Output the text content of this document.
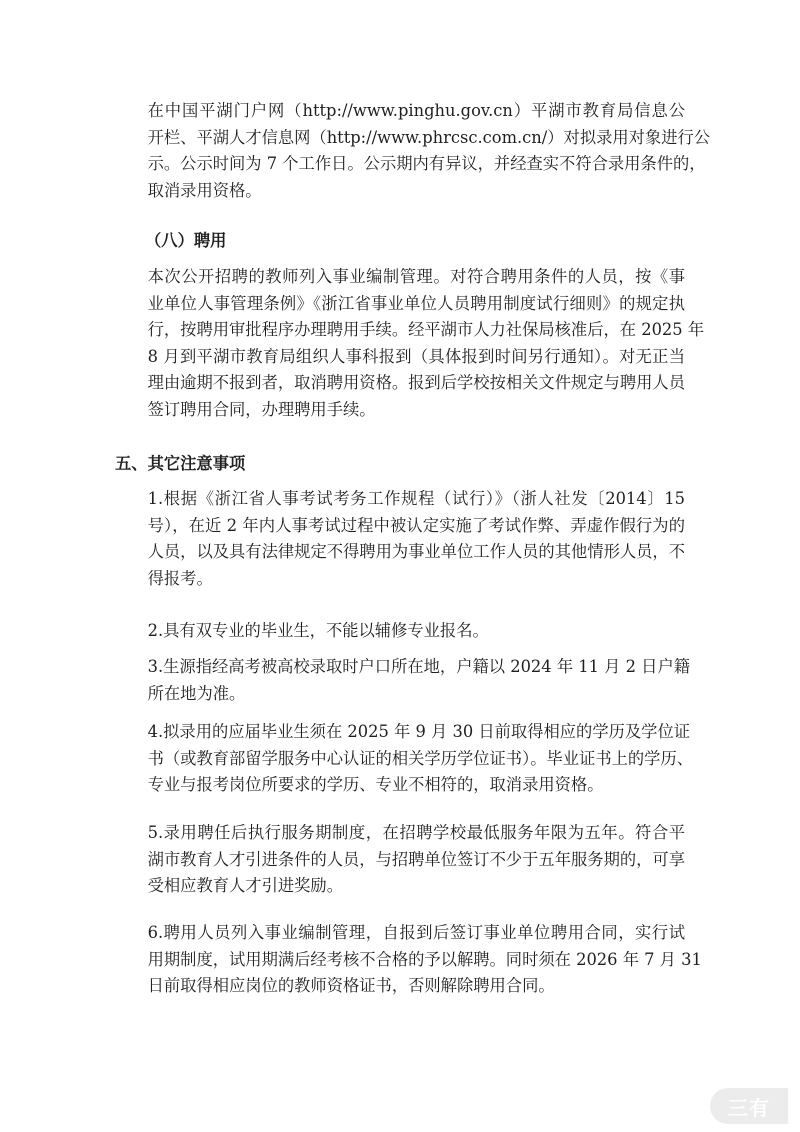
在中国平湖门户网（http://www.pinghu.gov.cn）平湖市教育局信息公
开栏、平湖人才信息网（http://www.phrcsc.com.cn/）对拟录用对象进行公
示。公示时间为 7 个工作日。公示期内有异议，并经查实不符合录用条件的，
取消录用资格。
（八）聘用
本次公开招聘的教师列入事业编制管理。对符合聘用条件的人员，按《事
业单位人事管理条例》《浙江省事业单位人员聘用制度试行细则》的规定执
行，按聘用审批程序办理聘用手续。经平湖市人力社保局核准后，在 2025 年
8 月到平湖市教育局组织人事科报到（具体报到时间另行通知）。对无正当
理由逾期不报到者，取消聘用资格。报到后学校按相关文件规定与聘用人员
签订聘用合同，办理聘用手续。
五、其它注意事项
1.根据《浙江省人事考试考务工作规程（试行）》（浙人社发〔2014〕15
号），在近 2 年内人事考试过程中被认定实施了考试作弊、弄虚作假行为的
人员，以及具有法律规定不得聘用为事业单位工作人员的其他情形人员，不
得报考。
2.具有双专业的毕业生，不能以辅修专业报名。
3.生源指经高考被高校录取时户口所在地，户籍以 2024 年 11 月 2 日户籍
所在地为准。
4.拟录用的应届毕业生须在 2025 年 9 月 30 日前取得相应的学历及学位证
书（或教育部留学服务中心认证的相关学历学位证书）。毕业证书上的学历、
专业与报考岗位所要求的学历、专业不相符的，取消录用资格。
5.录用聘任后执行服务期制度，在招聘学校最低服务年限为五年。符合平
湖市教育人才引进条件的人员，与招聘单位签订不少于五年服务期的，可享
受相应教育人才引进奖励。
6.聘用人员列入事业编制管理，自报到后签订事业单位聘用合同，实行试
用期制度，试用期满后经考核不合格的予以解聘。同时须在 2026 年 7 月 31
日前取得相应岗位的教师资格证书，否则解除聘用合同。
三有
